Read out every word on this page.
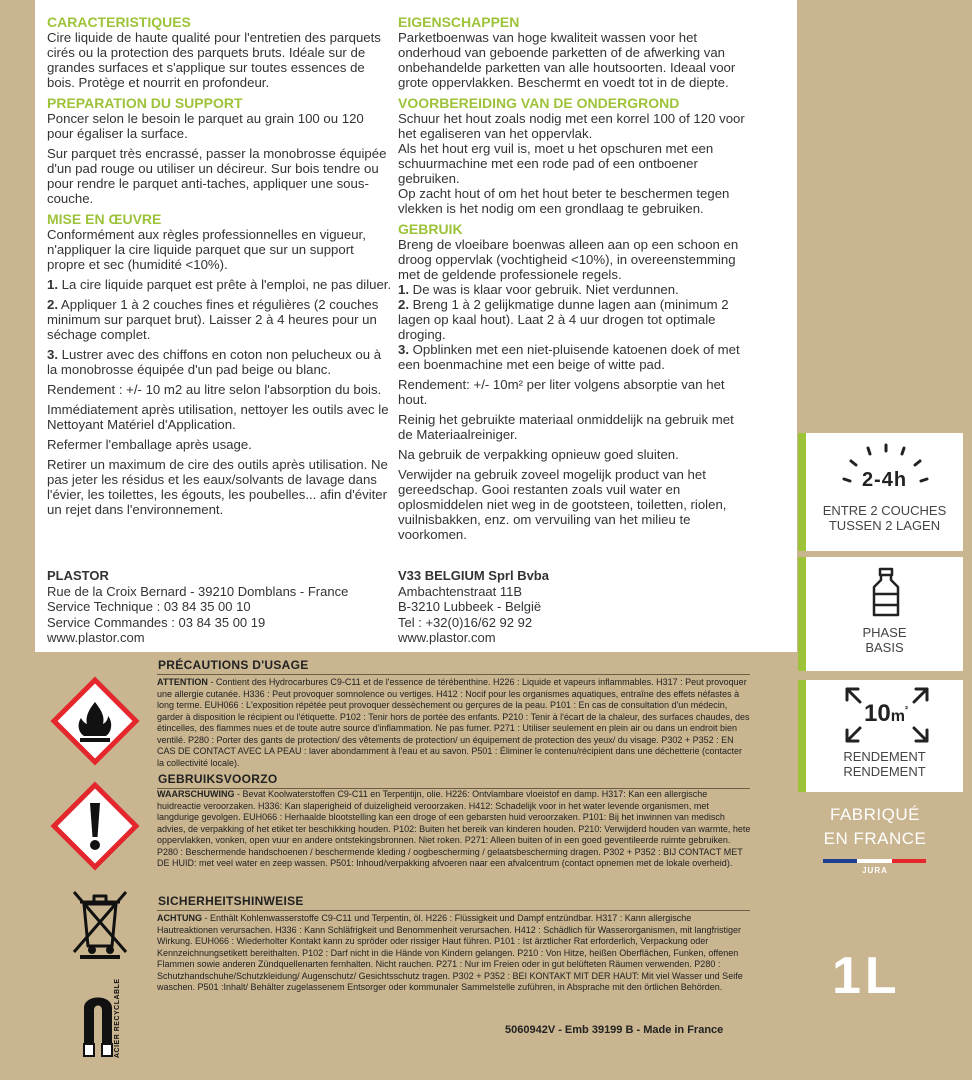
CARACTERISTIQUES
Cire liquide de haute qualité pour l'entretien des parquets cirés ou la protection des parquets bruts. Idéale sur de grandes surfaces et s'applique sur toutes essences de bois. Protège et nourrit en profondeur.
PREPARATION DU SUPPORT
Poncer selon le besoin le parquet au grain 100 ou 120 pour égaliser la surface.
Sur parquet très encrassé, passer la monobrosse équipée d'un pad rouge ou utiliser un décireur. Sur bois tendre ou pour rendre le parquet anti-taches, appliquer une sous-couche.
MISE EN ŒUVRE
Conformément aux règles professionnelles en vigueur, n'appliquer la cire liquide parquet que sur un support propre et sec (humidité <10%).
1. La cire liquide parquet est prête à l'emploi, ne pas diluer.
2. Appliquer 1 à 2 couches fines et régulières (2 couches minimum sur parquet brut). Laisser 2 à 4 heures pour un séchage complet.
3. Lustrer avec des chiffons en coton non pelucheux ou à la monobrosse équipée d'un pad beige ou blanc.
Rendement : +/- 10 m2 au litre selon l'absorption du bois.
Immédiatement après utilisation, nettoyer les outils avec le Nettoyant Matériel d'Application.
Refermer l'emballage après usage.
Retirer un maximum de cire des outils après utilisation. Ne pas jeter les résidus et les eaux/solvants de lavage dans l'évier, les toilettes, les égouts, les poubelles... afin d'éviter un rejet dans l'environnement.
EIGENSCHAPPEN
Parketboenwas van hoge kwaliteit wassen voor het onderhoud van geboende parketten of de afwerking van onbehandelde parketten van alle houtsoorten. Ideaal voor grote oppervlakken. Beschermt en voedt tot in de diepte.
VOORBEREIDING VAN DE ONDERGROND
Schuur het hout zoals nodig met een korrel 100 of 120 voor het egaliseren van het oppervlak.
Als het hout erg vuil is, moet u het opschuren met een schuurmachine met een rode pad of een ontboener gebruiken.
Op zacht hout of om het hout beter te beschermen tegen vlekken is het nodig om een grondlaag te gebruiken.
GEBRUIK
Breng de vloeibare boenwas alleen aan op een schoon en droog oppervlak (vochtigheid <10%), in overeenstemming met de geldende professionele regels.
1. De was is klaar voor gebruik. Niet verdunnen.
2. Breng 1 à 2 gelijkmatige dunne lagen aan (minimum 2 lagen op kaal hout). Laat 2 à 4 uur drogen tot optimale droging.
3. Opblinken met een niet-pluisende katoenen doek of met een boenmachine met een beige of witte pad.
Rendement: +/- 10m² per liter volgens absorptie van het hout.
Reinig het gebruikte materiaal onmiddelijk na gebruik met de Materiaalreiniger.
Na gebruik de verpakking opnieuw goed sluiten.
Verwijder na gebruik zoveel mogelijk product van het gereedschap. Gooi restanten zoals vuil water en oplosmiddelen niet weg in de gootsteen, toiletten, riolen, vuilnisbakken, enz. om vervuiling van het milieu te voorkomen.
PLASTOR
Rue de la Croix Bernard - 39210 Domblans - France
Service Technique : 03 84 35 00 10
Service Commandes : 03 84 35 00 19
www.plastor.com
V33 BELGIUM Sprl Bvba
Ambachtenstraat 11B
B-3210 Lubbeek - België
Tel : +32(0)16/62 92 92
www.plastor.com
2-4h
ENTRE 2 COUCHES
TUSSEN 2 LAGEN
PHASE
BASIS
$10m^{^2}$
RENDEMENT
RENDEMENT
FABRIQUÉ
EN FRANCE
JURA
1L
ACIER RECYCLABLE
PRÉCAUTIONS D'USAGE
ATTENTION - Contient des Hydrocarbures C9-C11 et de l'essence de térébenthine. H226 : Liquide et vapeurs inflammables. H317 : Peut provoquer une allergie cutanée. H336 : Peut provoquer somnolence ou vertiges. H412 : Nocif pour les organismes aquatiques, entraîne des effets néfastes à long terme. EUH066 : L'exposition répétée peut provoquer dessèchement ou gerçures de la peau. P101 : En cas de consultation d'un médecin, garder à disposition le récipient ou l'étiquette. P102 : Tenir hors de portée des enfants. P210 : Tenir à l'écart de la chaleur, des surfaces chaudes, des étincelles, des flammes nues et de toute autre source d'inflammation. Ne pas fumer. P271 : Utiliser seulement en plein air ou dans un endroit bien ventilé. P280 : Porter des gants de protection/ des vêtements de protection/ un équipement de protection des yeux/ du visage. P302 + P352 : EN CAS DE CONTACT AVEC LA PEAU : laver abondamment à l'eau et au savon. P501 : Éliminer le contenu/récipient dans une déchetterie (contacter la collectivité locale).
GEBRUIKSVOORZO
WAARSCHUWING - Bevat Koolwaterstoffen C9-C11 en Terpentijn, olie. H226: Ontvlambare vloeistof en damp. H317: Kan een allergische huidreactie veroorzaken. H336: Kan slaperigheid of duizeligheid veroorzaken. H412: Schadelijk voor in het water levende organismen, met langdurige gevolgen. EUH066 : Herhaalde blootstelling kan een droge of een gebarsten huid veroorzaken. P101: Bij het inwinnen van medisch advies, de verpakking of het etiket ter beschikking houden. P102: Buiten het bereik van kinderen houden. P210: Verwijderd houden van warmte, hete oppervlakken, vonken, open vuur en andere ontstekingsbronnen. Niet roken. P271: Alleen buiten of in een goed geventileerde ruimte gebruiken. P280 : Beschermende handschoenen / beschermende kleding / oogbescherming / gelaatsbescherming dragen. P302 + P352 : BIJ CONTACT MET DE HUID: met veel water en zeep wassen. P501: Inhoud/verpakking afvoeren naar een afvalcentrum (contact opnemen met de lokale overheid).
SICHERHEITSHINWEISE
ACHTUNG - Enthält Kohlenwasserstoffe C9-C11 und Terpentin, öl. H226 : Flüssigkeit und Dampf entzündbar. H317 : Kann allergische Hautreaktionen verursachen. H336 : Kann Schläfrigkeit und Benommenheit verursachen. H412 : Schädlich für Wasserorganismen, mit langfristiger Wirkung. EUH066 : Wiederholter Kontakt kann zu spröder oder rissiger Haut führen. P101 : Ist ärztlicher Rat erforderlich, Verpackung oder Kennzeichnungsetikett bereithalten. P102 : Darf nicht in die Hände von Kindern gelangen. P210 : Von Hitze, heißen Oberflächen, Funken, offenen Flammen sowie anderen Zündquellenarten fernhalten. Nicht rauchen. P271 : Nur im Freien oder in gut belüfteten Räumen verwenden. P280 : Schutzhandschuhe/Schutzkleidung/ Augenschutz/ Gesichtsschutz tragen. P302 + P352 : BEI KONTAKT MIT DER HAUT: Mit viel Wasser und Seife waschen. P501 :Inhalt/ Behälter zugelassenem Entsorger oder kommunaler Sammelstelle zuführen, in Absprache mit den örtlichen Behörden.
5060942V - Emb 39199 B - Made in France
